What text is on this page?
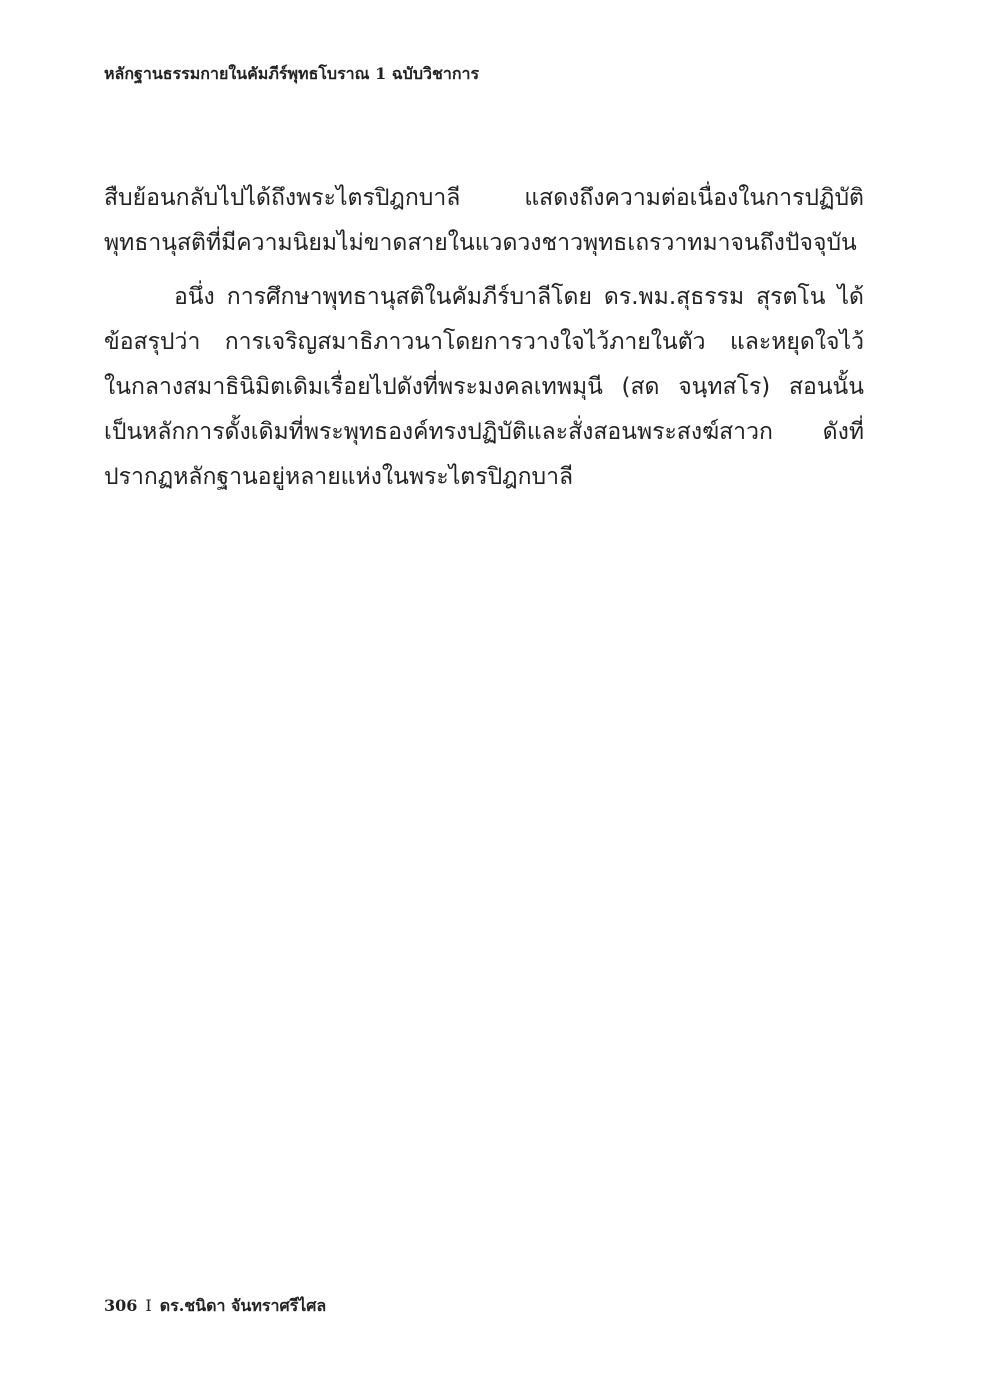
หลักฐานธรรมกายในคัมภีร์พุทธโบราณ 1 ฉบับวิชาการ
สืบย้อนกลับไปได้ถึงพระไตรปิฎกบาลี	แสดงถึงความต่อเนื่องในการปฏิบัติ
พุทธานุสติที่มีความนิยมไม่ขาดสายในแวดวงชาวพุทธเถรวาทมาจนถึงปัจจุบัน
อนึ่ง การศึกษาพุทธานุสติในคัมภีร์บาลีโดย ดร.พม.สุธรรม สุรตโน ได้
ข้อสรุปว่า การเจริญสมาธิภาวนาโดยการวางใจไว้ภายในตัว และหยุดใจไว้
ในกลางสมาธินิมิตเดิมเรื่อยไปดังที่พระมงคลเทพมุนี (สด จนฺทสโร) สอนนั้น
เป็นหลักการดั้งเดิมที่พระพุทธองค์ทรงปฏิบัติและสั่งสอนพระสงฆ์สาวก ดังที่
ปรากฏหลักฐานอยู่หลายแห่งในพระไตรปิฎกบาลี
306 I ดร.ชนิดา จันทราศรีไศล
